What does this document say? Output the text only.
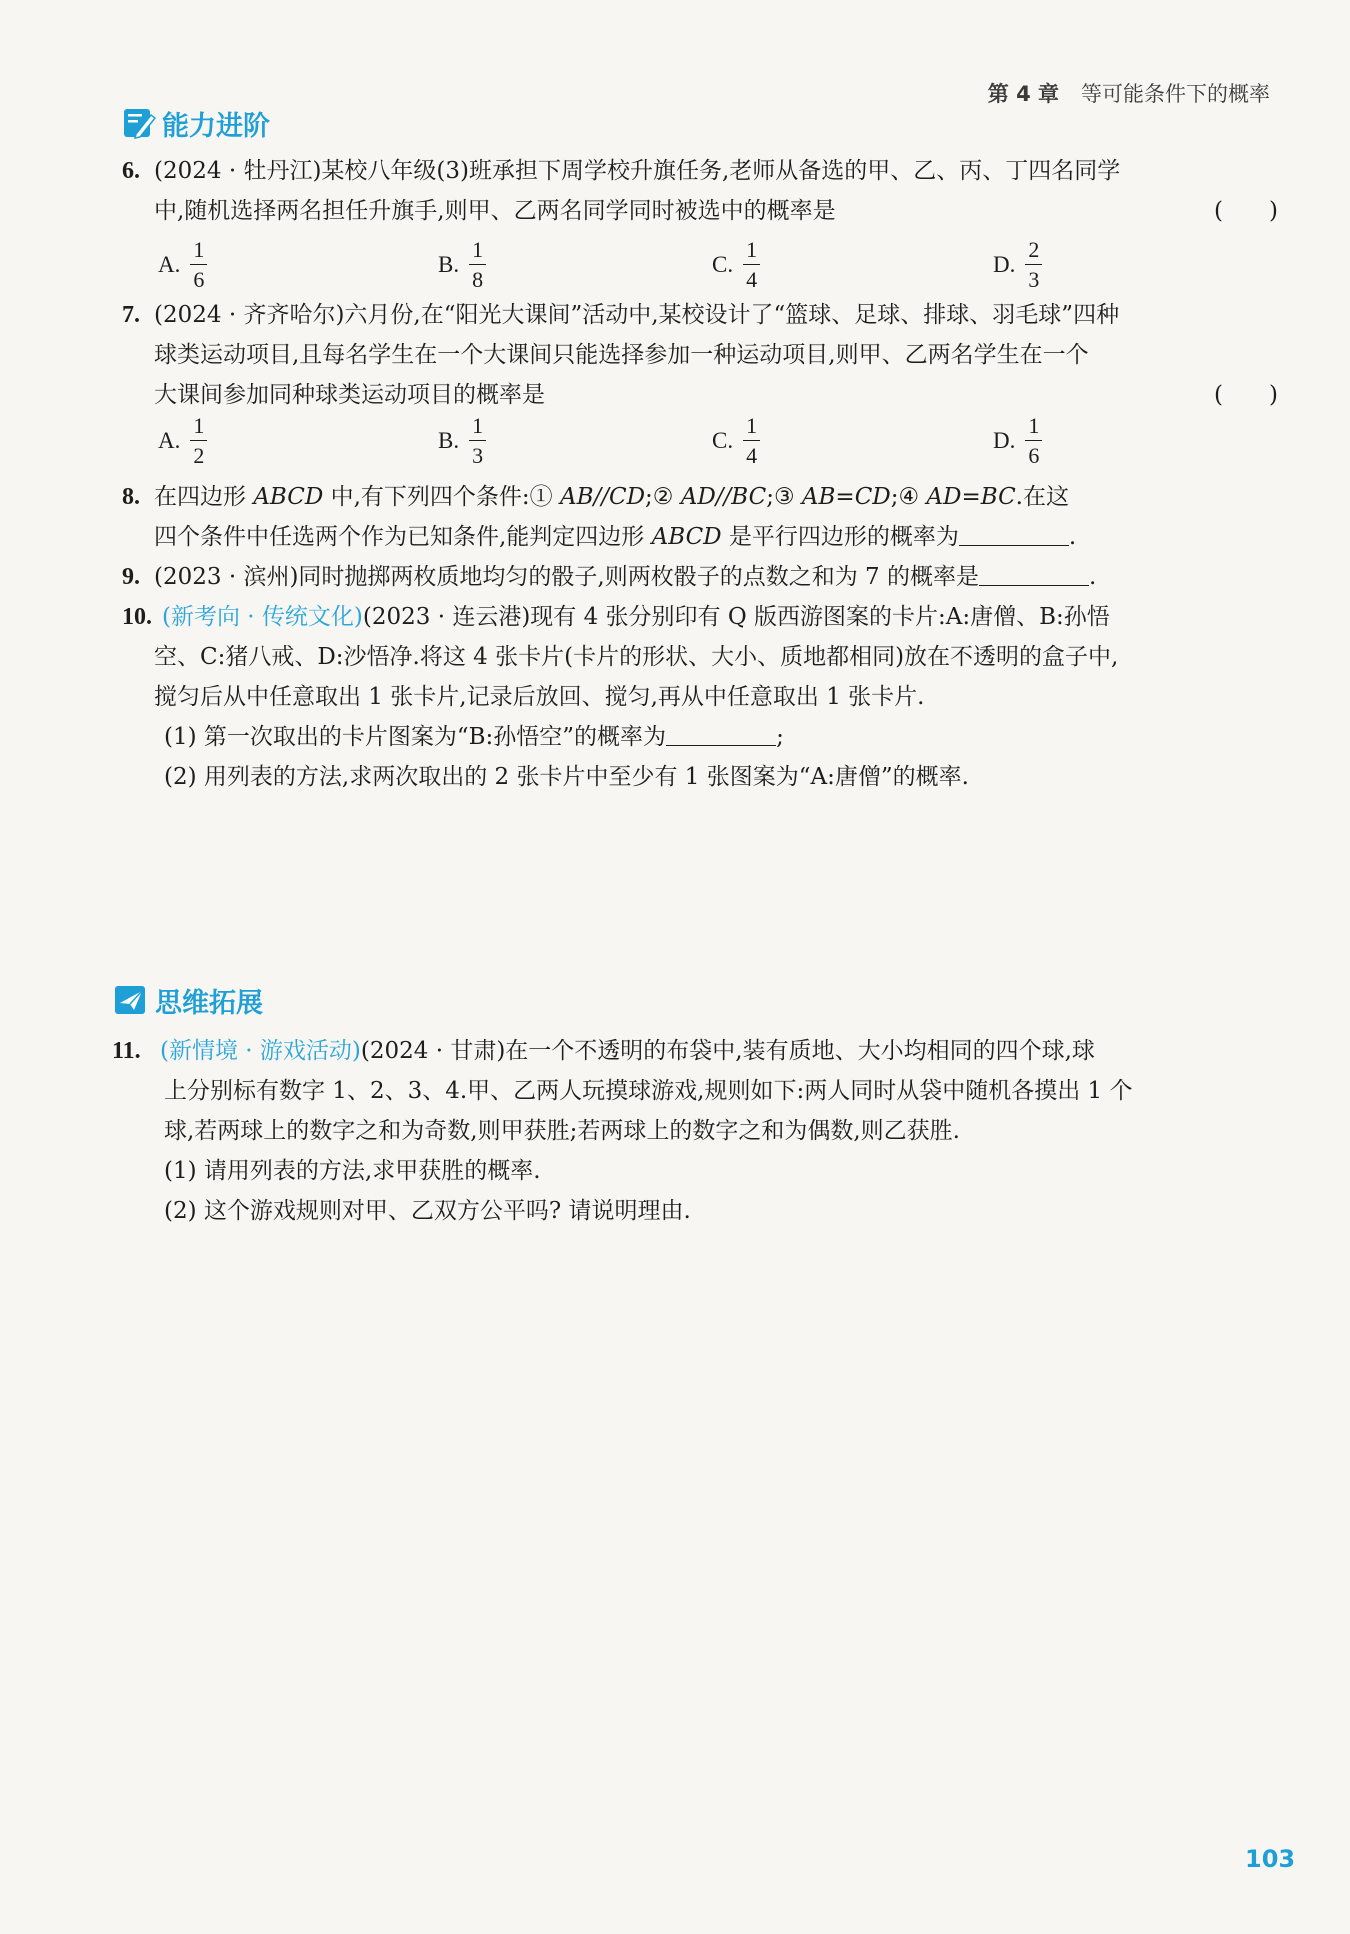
第 4 章 等可能条件下的概率
能力进阶
6. (2024 · 牡丹江)某校八年级(3)班承担下周学校升旗任务,老师从备选的甲、乙、丙、丁四名同学
中,随机选择两名担任升旗手,则甲、乙两名同学同时被选中的概率是	(　　)
A. $\frac{1}{6}$	B. $\frac{1}{8}$	C. $\frac{1}{4}$	D. $\frac{2}{3}$
7. (2024 · 齐齐哈尔)六月份,在“阳光大课间”活动中,某校设计了“篮球、足球、排球、羽毛球”四种
球类运动项目,且每名学生在一个大课间只能选择参加一种运动项目,则甲、乙两名学生在一个
大课间参加同种球类运动项目的概率是	(　　)
A. $\frac{1}{2}$	B. $\frac{1}{3}$	C. $\frac{1}{4}$	D. $\frac{1}{6}$
8. 在四边形 ABCD 中,有下列四个条件:① AB//CD;② AD//BC;③ AB=CD;④ AD=BC.在这
四个条件中任选两个作为已知条件,能判定四边形 ABCD 是平行四边形的概率为	.
9. (2023 · 滨州)同时抛掷两枚质地均匀的骰子,则两枚骰子的点数之和为 7 的概率是	.
10. (新考向 · 传统文化)(2023 · 连云港)现有 4 张分别印有 Q 版西游图案的卡片:A:唐僧、B:孙悟
空、C:猪八戒、D:沙悟净.将这 4 张卡片(卡片的形状、大小、质地都相同)放在不透明的盒子中,
搅匀后从中任意取出 1 张卡片,记录后放回、搅匀,再从中任意取出 1 张卡片.
(1) 第一次取出的卡片图案为“B:孙悟空”的概率为	;
(2) 用列表的方法,求两次取出的 2 张卡片中至少有 1 张图案为“A:唐僧”的概率.
思维拓展
11. (新情境 · 游戏活动)(2024 · 甘肃)在一个不透明的布袋中,装有质地、大小均相同的四个球,球
上分别标有数字 1、2、3、4.甲、乙两人玩摸球游戏,规则如下:两人同时从袋中随机各摸出 1 个
球,若两球上的数字之和为奇数,则甲获胜;若两球上的数字之和为偶数,则乙获胜.
(1) 请用列表的方法,求甲获胜的概率.
(2) 这个游戏规则对甲、乙双方公平吗? 请说明理由.
103
